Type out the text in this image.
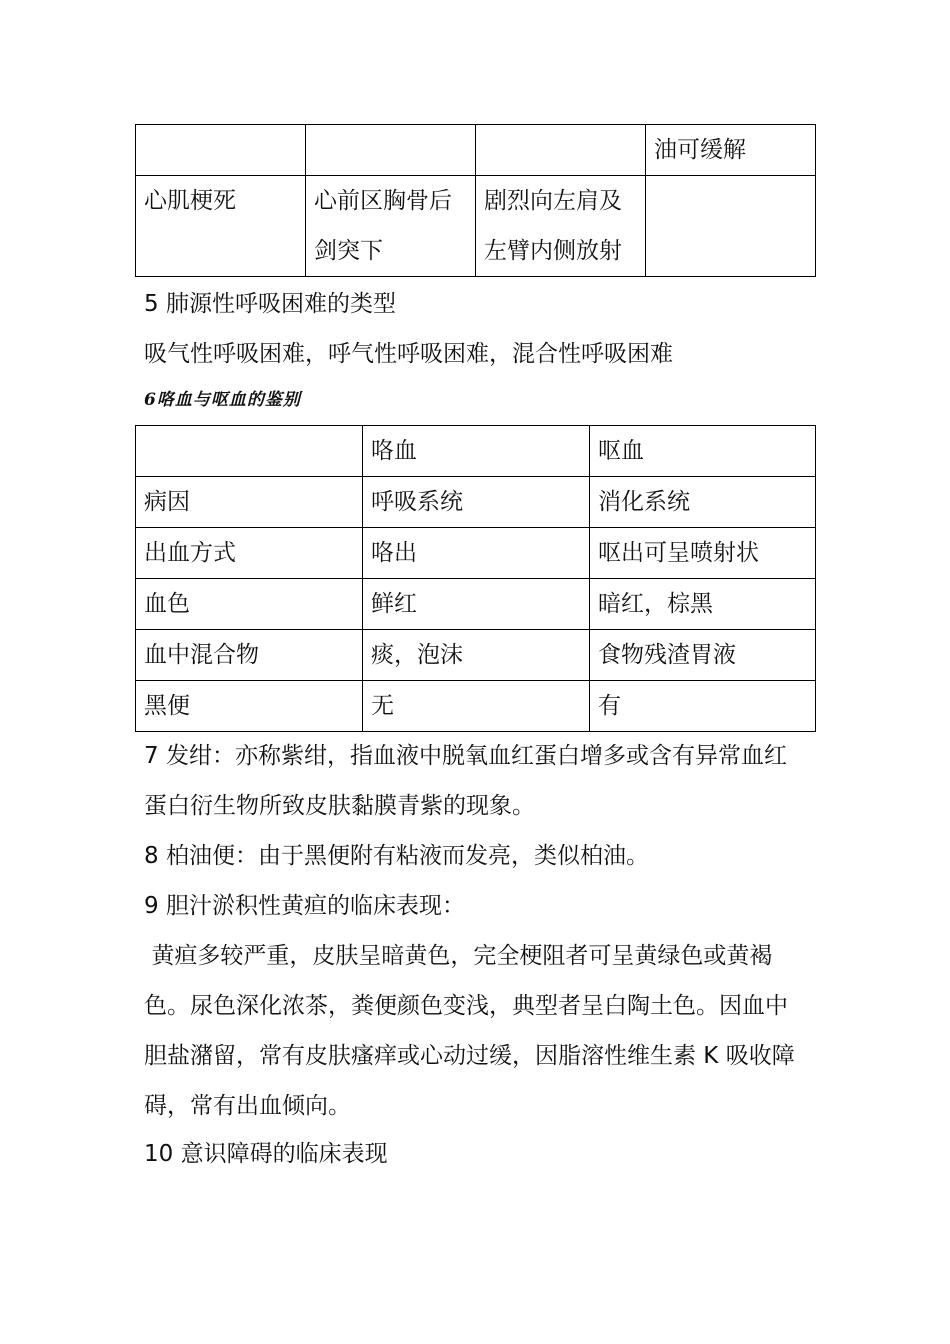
			油可缓解
心肌梗死	心前区胸骨后剑突下	剧烈向左肩及左臂内侧放射	

5 肺源性呼吸困难的类型

吸气性呼吸困难，呼气性呼吸困难，混合性呼吸困难

6咯血与呕血的鉴别

	咯血	呕血
病因	呼吸系统	消化系统
出血方式	咯出	呕出可呈喷射状
血色	鲜红	暗红，棕黑
血中混合物	痰，泡沫	食物残渣胃液
黑便	无	有

7 发绀：亦称紫绀，指血液中脱氧血红蛋白增多或含有异常血红蛋白衍生物所致皮肤黏膜青紫的现象。

8 柏油便：由于黑便附有粘液而发亮，类似柏油。

9 胆汁淤积性黄疸的临床表现：

黄疸多较严重，皮肤呈暗黄色，完全梗阻者可呈黄绿色或黄褐色。尿色深化浓茶，粪便颜色变浅，典型者呈白陶土色。因血中胆盐潴留，常有皮肤瘙痒或心动过缓，因脂溶性维生素 K 吸收障碍，常有出血倾向。

10 意识障碍的临床表现
